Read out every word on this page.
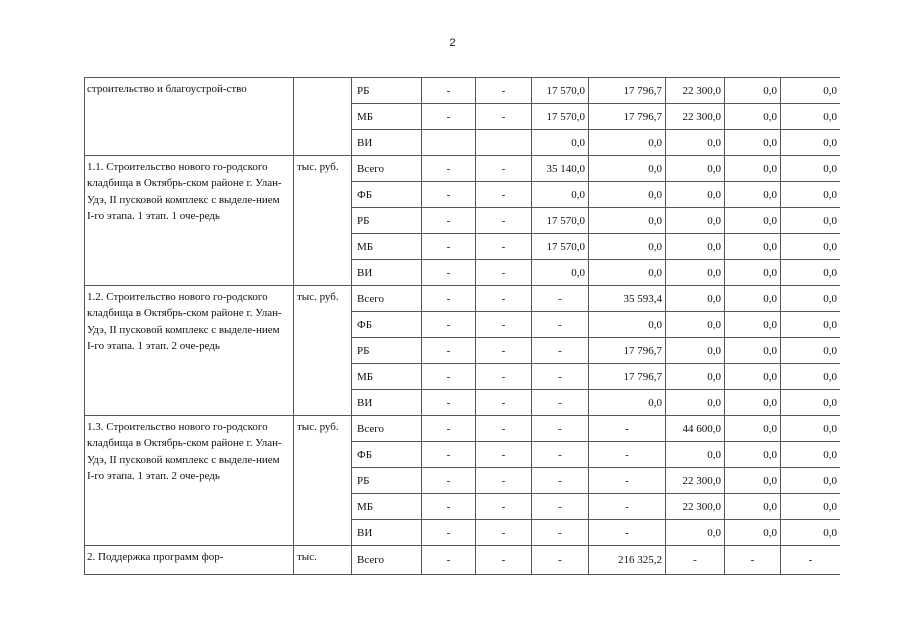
2
строительство и благоустрой-ство		РБ	-	-	17 570,0	17 796,7	22 300,0	0,0	0,0
		МБ	-	-	17 570,0	17 796,7	22 300,0	0,0	0,0
		ВИ			0,0	0,0	0,0	0,0	0,0
1.1. Строительство нового го-родского кладбища в Октябрь-ском районе г. Улан-Удэ, II пусковой комплекс с выделе-нием I-го этапа. 1 этап. 1 оче-редь	тыс. руб.	Всего	-	-	35 140,0	0,0	0,0	0,0	0,0
		ФБ	-	-	0,0	0,0	0,0	0,0	0,0
		РБ	-	-	17 570,0	0,0	0,0	0,0	0,0
		МБ	-	-	17 570,0	0,0	0,0	0,0	0,0
		ВИ	-	-	0,0	0,0	0,0	0,0	0,0
1.2. Строительство нового го-родского кладбища в Октябрь-ском районе г. Улан-Удэ, II пусковой комплекс с выделе-нием I-го этапа. 1 этап. 2 оче-редь	тыс. руб.	Всего	-	-	-	35 593,4	0,0	0,0	0,0
		ФБ	-	-	-	0,0	0,0	0,0	0,0
		РБ	-	-	-	17 796,7	0,0	0,0	0,0
		МБ	-	-	-	17 796,7	0,0	0,0	0,0
		ВИ	-	-	-	0,0	0,0	0,0	0,0
1.3. Строительство нового го-родского кладбища в Октябрь-ском районе г. Улан-Удэ, II пусковой комплекс с выделе-нием I-го этапа. 1 этап. 2 оче-редь	тыс. руб.	Всего	-	-	-	-	44 600,0	0,0	0,0
		ФБ	-	-	-	-	0,0	0,0	0,0
		РБ	-	-	-	-	22 300,0	0,0	0,0
		МБ	-	-	-	-	22 300,0	0,0	0,0
		ВИ	-	-	-	-	0,0	0,0	0,0
2. Поддержка программ фор-	тыс.	Всего	-	-	-	216 325,2	-	-	-
